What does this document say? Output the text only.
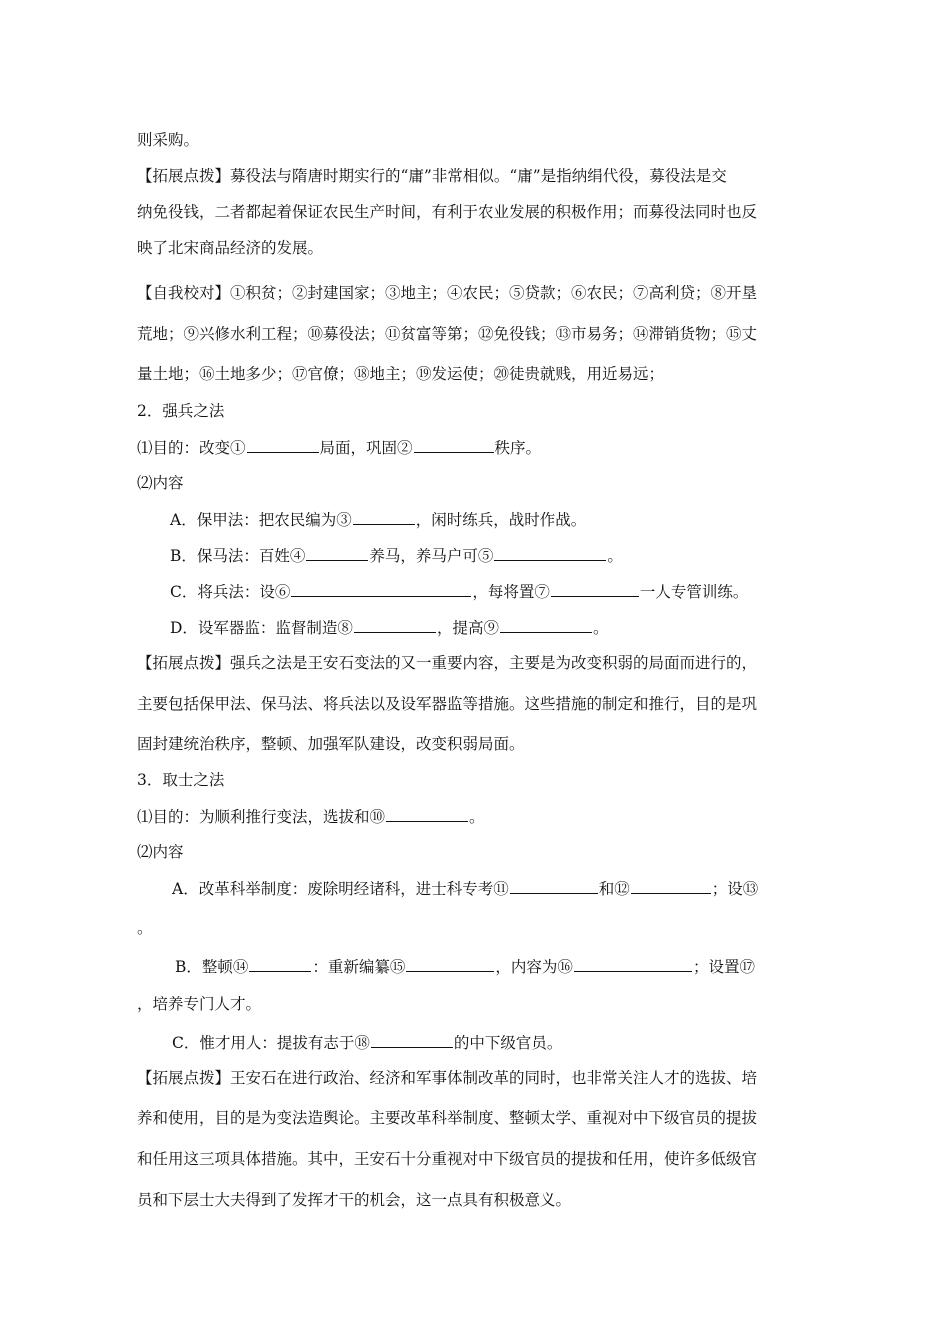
则采购。

【拓展点拨】募役法与隋唐时期实行的“庸”非常相似。“庸”是指纳绢代役，募役法是交

纳免役钱，二者都起着保证农民生产时间，有利于农业发展的积极作用；而募役法同时也反

映了北宋商品经济的发展。

【自我校对】①积贫；②封建国家；③地主；④农民；⑤贷款；⑥农民；⑦高利贷；⑧开垦

荒地；⑨兴修水利工程；⑩募役法；⑪贫富等第；⑫免役钱；⑬市易务；⑭滞销货物；⑮丈

量土地；⑯土地多少；⑰官僚；⑱地主；⑲发运使；⑳徒贵就贱，用近易远；

2．强兵之法

⑴目的：改变①	局面，巩固②	秩序。

⑵内容

A．保甲法：把农民编为③	，闲时练兵，战时作战。

B．保马法：百姓④	养马，养马户可⑤	。

C．将兵法：设⑥	，每将置⑦	一人专管训练。

D．设军器监：监督制造⑧	，提高⑨	。

【拓展点拨】强兵之法是王安石变法的又一重要内容，主要是为改变积弱的局面而进行的，

主要包括保甲法、保马法、将兵法以及设军器监等措施。这些措施的制定和推行，目的是巩

固封建统治秩序，整顿、加强军队建设，改变积弱局面。

3．取士之法

⑴目的：为顺利推行变法，选拔和⑩	。

⑵内容

A．改革科举制度：废除明经诸科，进士科专考⑪	和⑫	；设⑬

。

B．整顿⑭	：重新编纂⑮	，内容为⑯	；设置⑰

，培养专门人才。

C．惟才用人：提拔有志于⑱	的中下级官员。

【拓展点拨】王安石在进行政治、经济和军事体制改革的同时，也非常关注人才的选拔、培

养和使用，目的是为变法造舆论。主要改革科举制度、整顿太学、重视对中下级官员的提拔

和任用这三项具体措施。其中，王安石十分重视对中下级官员的提拔和任用，使许多低级官

员和下层士大夫得到了发挥才干的机会，这一点具有积极意义。
